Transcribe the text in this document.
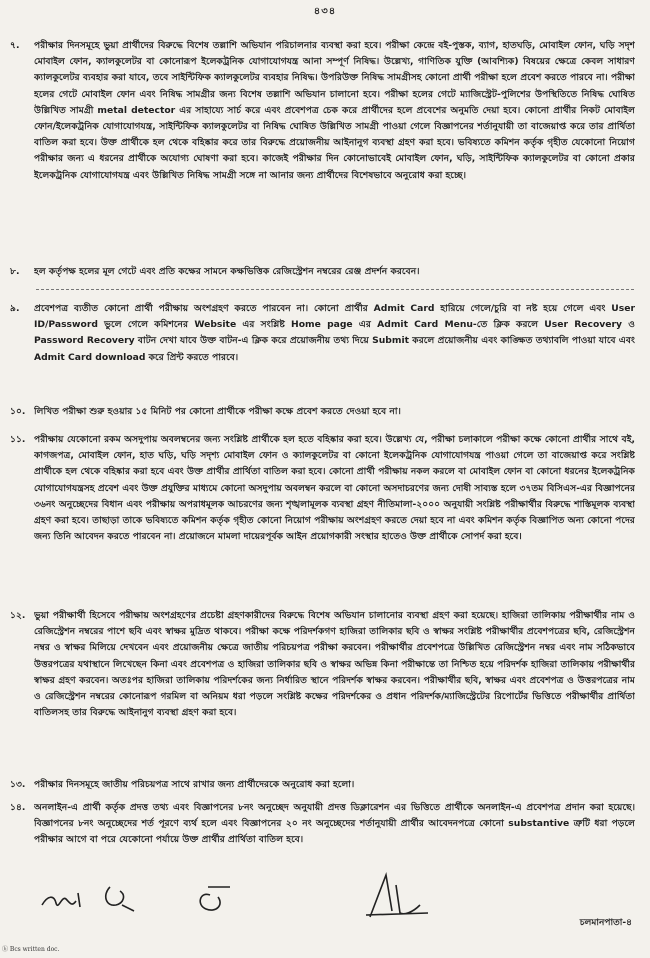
৪৩৪
৭.	পরীক্ষার দিনসমূহে ভুয়া প্রার্থীদের বিরুদ্ধে বিশেষ তল্লাশি অভিযান পরিচালনার ব্যবস্থা করা হবে। পরীক্ষা কেন্দ্রে বই-পুস্তক, ব্যাগ, হাতঘড়ি, মোবাইল ফোন, ঘড়ি সদৃশ মোবাইল ফোন, ক্যালকুলেটর বা কোনোরূপ ইলেকট্রনিক যোগাযোগযন্ত্র আনা সম্পূর্ণ নিষিদ্ধ। উল্লেখ্য, গাণিতিক যুক্তি (আবশ্যিক) বিষয়ের ক্ষেত্রে কেবল সাধারণ ক্যালকুলেটর ব্যবহার করা যাবে, তবে সাইন্টিফিক ক্যালকুলেটর ব্যবহার নিষিদ্ধ। উপরিউক্ত নিষিদ্ধ সামগ্রীসহ কোনো প্রার্থী পরীক্ষা হলে প্রবেশ করতে পারবে না। পরীক্ষা হলের গেটে মোবাইল ফোন এবং নিষিদ্ধ সামগ্রীর জন্য বিশেষ তল্লাশি অভিযান চালানো হবে। পরীক্ষা হলের গেটে ম্যাজিস্ট্রেট-পুলিশের উপস্থিতিতে নিষিদ্ধ ঘোষিত উল্লিখিত সামগ্রী metal detector এর সাহায্যে সার্চ করে এবং প্রবেশপত্র চেক করে প্রার্থীদের হলে প্রবেশের অনুমতি দেয়া হবে। কোনো প্রার্থীর নিকট মোবাইল ফোন/ইলেকট্রনিক যোগাযোগযন্ত্র, সাইন্টিফিক ক্যালকুলেটর বা নিষিদ্ধ ঘোষিত উল্লিখিত সামগ্রী পাওয়া গেলে বিজ্ঞাপনের শর্তানুযায়ী তা বাজেয়াপ্ত করে তার প্রার্থিতা বাতিল করা হবে। উক্ত প্রার্থীকে হল থেকে বহিষ্কার করে তার বিরুদ্ধে প্রয়োজনীয় আইনানুগ ব্যবস্থা গ্রহণ করা হবে। ভবিষ্যতে কমিশন কর্তৃক গৃহীত যেকোনো নিয়োগ পরীক্ষার জন্য এ ধরনের প্রার্থীকে অযোগ্য ঘোষণা করা হবে। কাজেই পরীক্ষার দিন কোনোভাবেই মোবাইল ফোন, ঘড়ি, সাইন্টিফিক ক্যালকুলেটর বা কোনো প্রকার ইলেকট্রনিক যোগাযোগযন্ত্র এবং উল্লিখিত নিষিদ্ধ সামগ্রী সঙ্গে না আনার জন্য প্রার্থীদের বিশেষভাবে অনুরোধ করা হচ্ছে।
৮.	হল কর্তৃপক্ষ হলের মূল গেটে এবং প্রতি কক্ষের সামনে কক্ষভিত্তিক রেজিস্ট্রেশন নম্বরের রেঞ্জ প্রদর্শন করবেন।
৯.	প্রবেশপত্র ব্যতীত কোনো প্রার্থী পরীক্ষায় অংশগ্রহণ করতে পারবেন না। কোনো প্রার্থীর Admit Card হারিয়ে গেলে/চুরি বা নষ্ট হয়ে গেলে এবং User ID/Password ভুলে গেলে কমিশনের Website এর সংশ্লিষ্ট Home page এর Admit Card Menu-তে ক্লিক করলে User Recovery ও Password Recovery বাটন দেখা যাবে উক্ত বাটন-এ ক্লিক করে প্রয়োজনীয় তথ্য দিয়ে Submit করলে প্রয়োজনীয় এবং কাঙ্ক্ষিত তথ্যাবলি পাওয়া যাবে এবং Admit Card download করে প্রিন্ট করতে পারবে।
১০. লিখিত পরীক্ষা শুরু হওয়ার ১৫ মিনিট পর কোনো প্রার্থীকে পরীক্ষা কক্ষে প্রবেশ করতে দেওয়া হবে না।
১১. পরীক্ষায় যেকোনো রকম অসদুপায় অবলম্বনের জন্য সংশ্লিষ্ট প্রার্থীকে হল হতে বহিষ্কার করা হবে। উল্লেখ্য যে, পরীক্ষা চলাকালে পরীক্ষা কক্ষে কোনো প্রার্থীর সাথে বই, কাগজপত্র, মোবাইল ফোন, হাত ঘড়ি, ঘড়ি সদৃশ্য মোবাইল ফোন ও ক্যালকুলেটর বা কোনো ইলেকট্রনিক যোগাযোগযন্ত্র পাওয়া গেলে তা বাজেয়াপ্ত করে সংশ্লিষ্ট প্রার্থীকে হল থেকে বহিষ্কার করা হবে এবং উক্ত প্রার্থীর প্রার্থিতা বাতিল করা হবে। কোনো প্রার্থী পরীক্ষায় নকল করলে বা মোবাইল ফোন বা কোনো ধরনের ইলেকট্রনিক যোগাযোগযন্ত্রসহ প্রবেশ এবং উক্ত প্রযুক্তির মাধ্যমে কোনো অসদুপায় অবলম্বন করলে বা কোনো অসদাচরণের জন্য দোষী সাব্যস্ত হলে ৩৭তম বিসিএস-এর বিজ্ঞাপনের ৩৬নং অনুচ্ছেদের বিধান এবং পরীক্ষায় অপরাধমূলক আচরণের জন্য শৃঙ্খলামূলক ব্যবস্থা গ্রহণ নীতিমালা-২০০০ অনুযায়ী সংশ্লিষ্ট পরীক্ষার্থীর বিরুদ্ধে শাস্তিমূলক ব্যবস্থা গ্রহণ করা হবে। তাছাড়া তাকে ভবিষ্যতে কমিশন কর্তৃক গৃহীত কোনো নিয়োগ পরীক্ষায় অংশগ্রহণ করতে দেয়া হবে না এবং কমিশন কর্তৃক বিজ্ঞাপিত অন্য কোনো পদের জন্য তিনি আবেদন করতে পারবেন না। প্রয়োজনে মামলা দায়েরপূর্বক আইন প্রয়োগকারী সংস্থার হাতেও উক্ত প্রার্থীকে সোপর্দ করা হবে।
১২. ভুয়া পরীক্ষার্থী হিসেবে পরীক্ষায় অংশগ্রহণের প্রচেষ্টা গ্রহণকারীদের বিরুদ্ধে বিশেষ অভিযান চালানোর ব্যবস্থা গ্রহণ করা হয়েছে। হাজিরা তালিকায় পরীক্ষার্থীর নাম ও রেজিস্ট্রেশন নম্বরের পাশে ছবি এবং স্বাক্ষর মুদ্রিত থাকবে। পরীক্ষা কক্ষে পরিদর্শকগণ হাজিরা তালিকার ছবি ও স্বাক্ষর সংশ্লিষ্ট পরীক্ষার্থীর প্রবেশপত্রের ছবি, রেজিস্ট্রেশন নম্বর ও স্বাক্ষর মিলিয়ে দেখবেন এবং প্রয়োজনীয় ক্ষেত্রে জাতীয় পরিচয়পত্র পরীক্ষা করবেন। পরীক্ষার্থীর প্রবেশপত্রে উল্লিখিত রেজিস্ট্রেশন নম্বর এবং নাম সঠিকভাবে উত্তরপত্রের যথাস্থানে লিখেছেন কিনা এবং প্রবেশপত্র ও হাজিরা তালিকার ছবি ও স্বাক্ষর অভিন্ন কিনা পরীক্ষান্তে তা নিশ্চিত হয়ে পরিদর্শক হাজিরা তালিকায় পরীক্ষার্থীর স্বাক্ষর গ্রহণ করবেন। অতঃপর হাজিরা তালিকায় পরিদর্শকের জন্য নির্ধারিত স্থানে পরিদর্শক স্বাক্ষর করবেন। পরীক্ষার্থীর ছবি, স্বাক্ষর এবং প্রবেশপত্র ও উত্তরপত্রের নাম ও রেজিস্ট্রেশন নম্বরের কোনোরূপ গরমিল বা অনিয়ম ধরা পড়লে সংশ্লিষ্ট কক্ষের পরিদর্শকের ও প্রধান পরিদর্শক/ম্যাজিস্ট্রেটের রিপোর্টের ভিত্তিতে পরীক্ষার্থীর প্রার্থিতা বাতিলসহ তার বিরুদ্ধে আইনানুগ ব্যবস্থা গ্রহণ করা হবে।
১৩. পরীক্ষার দিনসমূহে জাতীয় পরিচয়পত্র সাথে রাখার জন্য প্রার্থীদেরকে অনুরোধ করা হলো।
১৪. অনলাইন-এ প্রার্থী কর্তৃক প্রদত্ত তথ্য এবং বিজ্ঞাপনের ৮নং অনুচ্ছেদ অনুযায়ী প্রদত্ত ডিক্লারেশন এর ভিত্তিতে প্রার্থীকে অনলাইন-এ প্রবেশপত্র প্রদান করা হয়েছে। বিজ্ঞাপনের ৮নং অনুচ্ছেদের শর্ত পূরণে ব্যর্থ হলে এবং বিজ্ঞাপনের ২০ নং অনুচ্ছেদের শর্তানুযায়ী প্রার্থীর আবেদনপত্রে কোনো substantive ত্রুটি ধরা পড়লে পরীক্ষার আগে বা পরে যেকোনো পর্যায়ে উক্ত প্রার্থীর প্রার্থিতা বাতিল হবে।
চলমানপাতা-৪
ⓑ Bcs written doc.
